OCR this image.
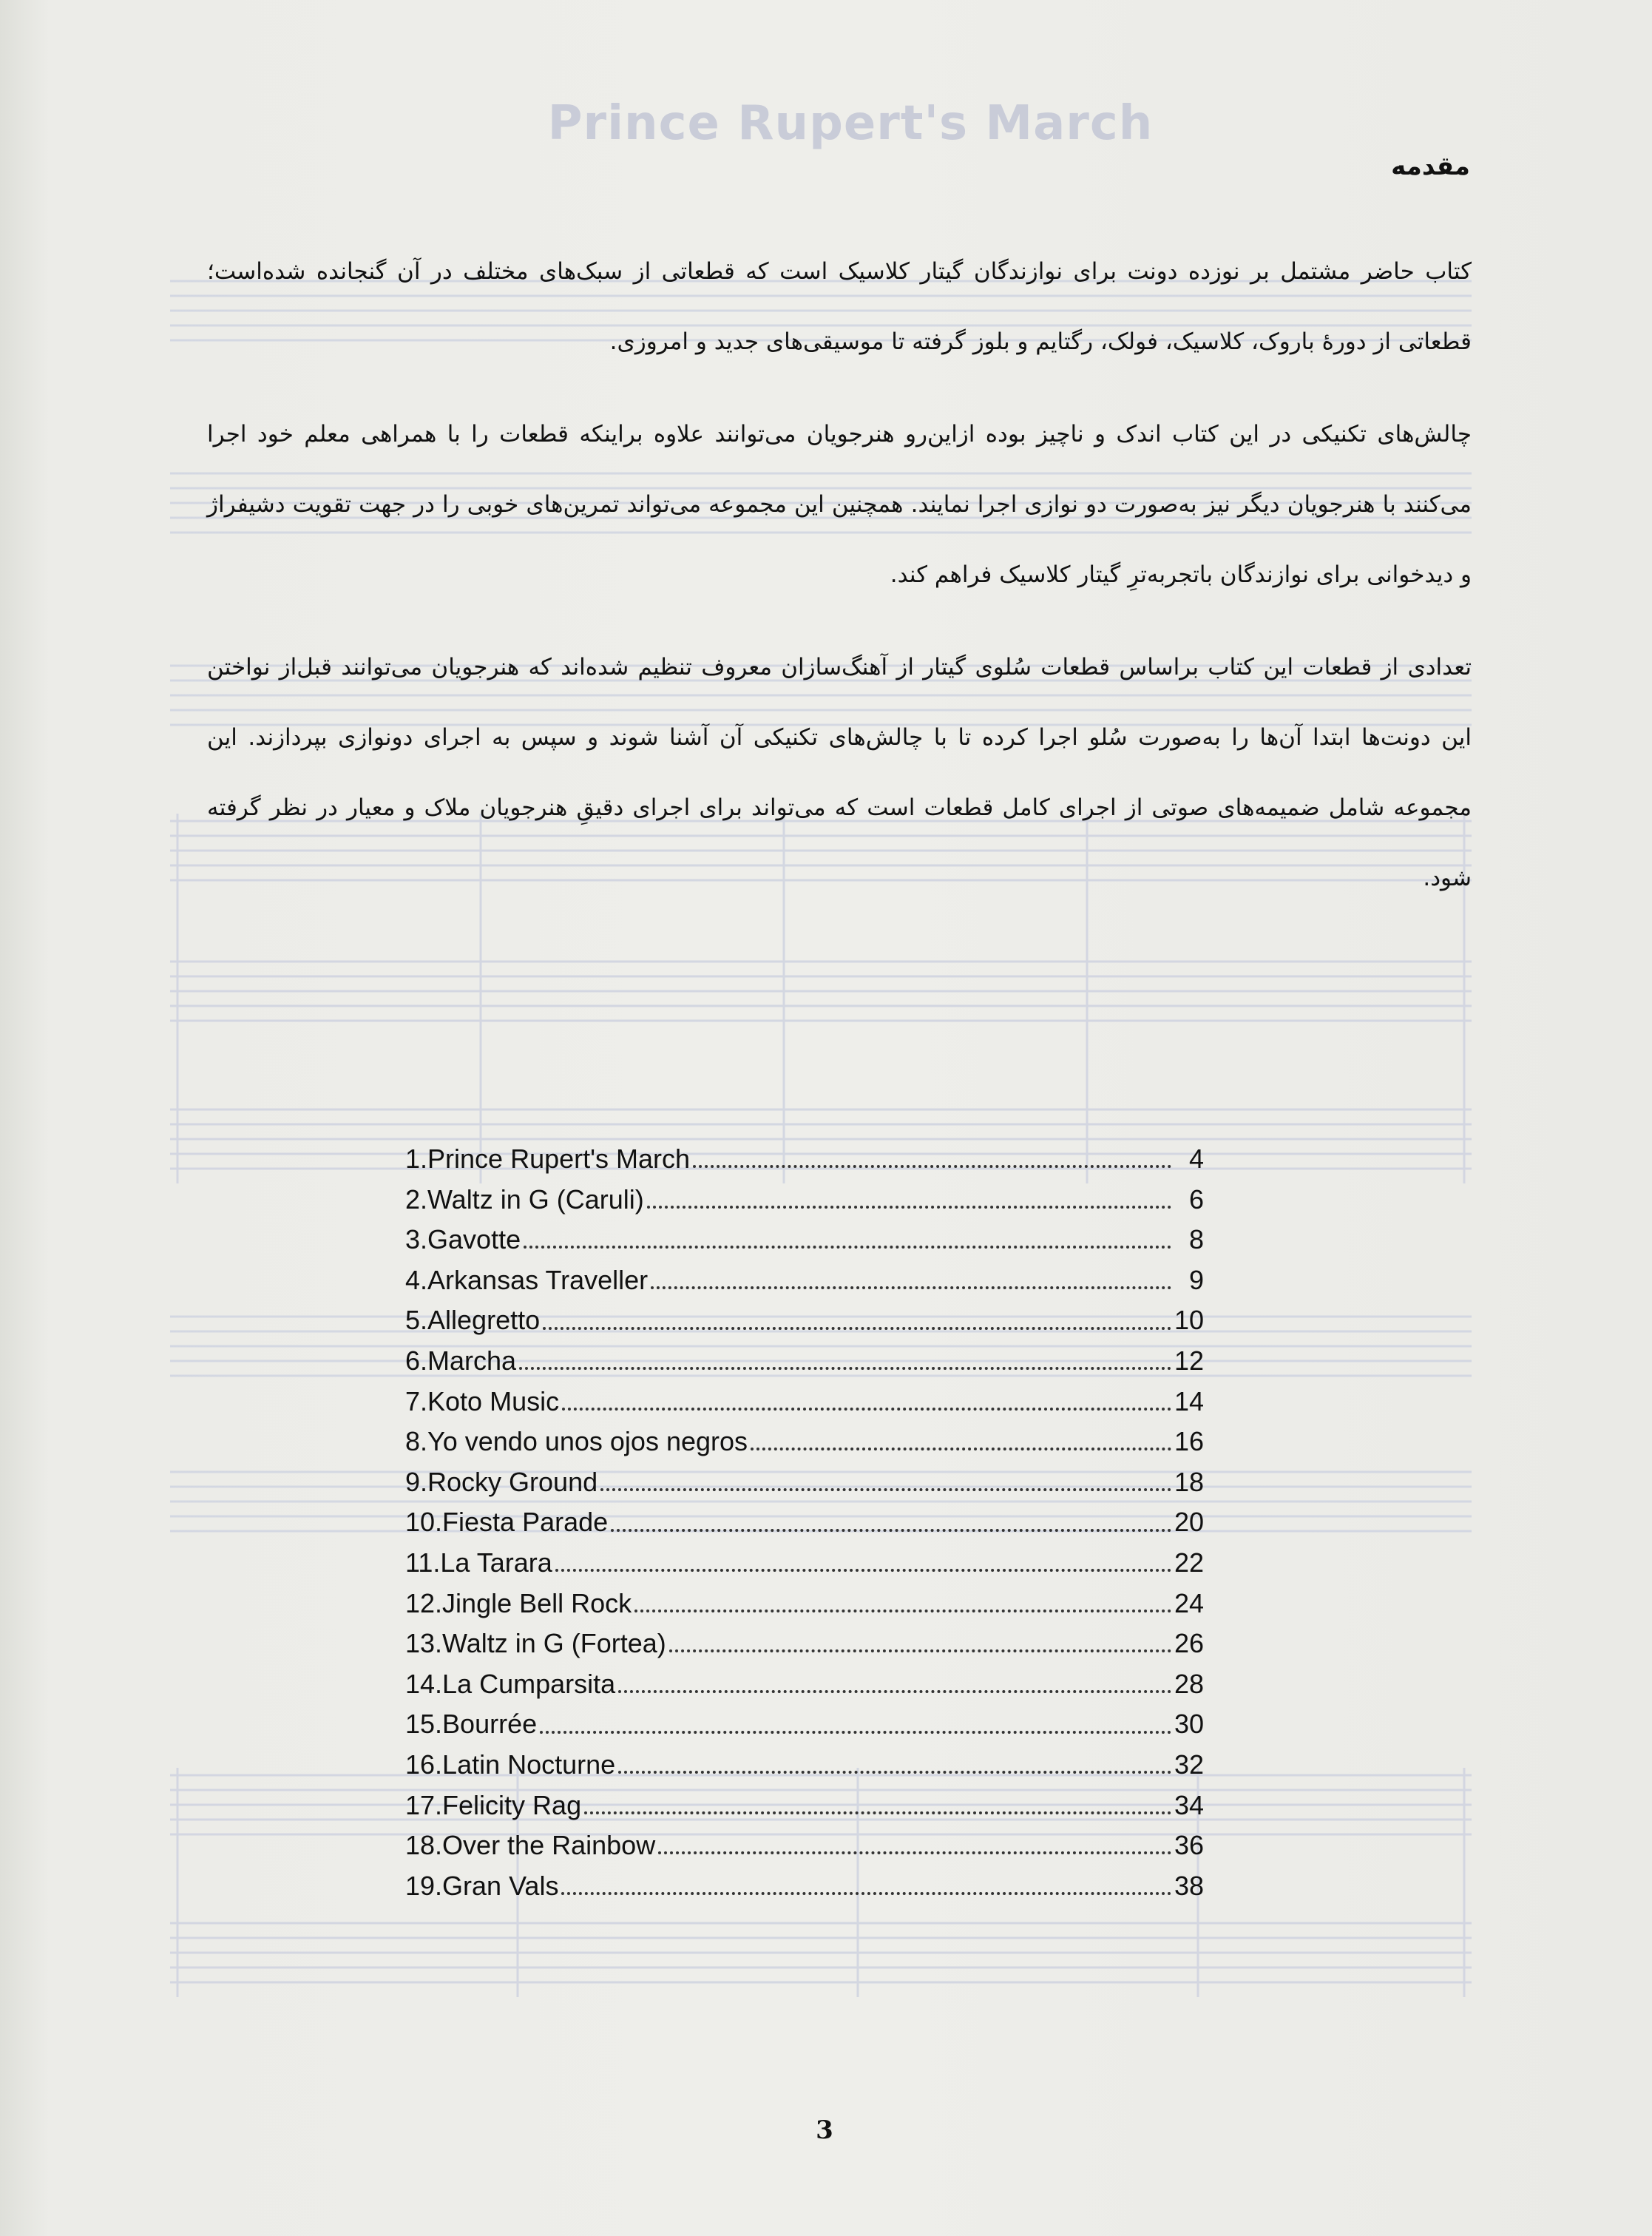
Prince Rupert's March
مقدمه

کتاب حاضر مشتمل بر نوزده دونت برای نوازندگان گیتار کلاسیک است که قطعاتی از سبک‌های مختلف در آن گنجانده شده‌است؛ قطعاتی از دورهٔ باروک، کلاسیک، فولک، رگتایم و بلوز گرفته تا موسیقی‌های جدید و امروزی.

چالش‌های تکنیکی در این کتاب اندک و ناچیز بوده ازاین‌رو هنرجویان می‌توانند علاوه براینکه قطعات را با همراهی معلم خود اجرا می‌کنند با هنرجویان دیگر نیز به‌صورت دو نوازی اجرا نمایند. همچنین این مجموعه می‌تواند تمرین‌های خوبی را در جهت تقویت دشیفراژ و دیدخوانی برای نوازندگان باتجربه‌ترِ گیتار کلاسیک فراهم کند.

تعدادی از قطعات این کتاب براساس قطعات سُلوی گیتار از آهنگ‌سازان معروف تنظیم شده‌اند که هنرجویان می‌توانند قبل‌از نواختن این دونت‌ها ابتدا آن‌ها را به‌صورت سُلو اجرا کرده تا با چالش‌های تکنیکی آن آشنا شوند و سپس به اجرای دونوازی بپردازند. این مجموعه شامل ضمیمه‌های صوتی از اجرای کامل قطعات است که می‌تواند برای اجرای دقیقِ هنرجویان ملاک و معیار در نظر گرفته شود.

1.Prince Rupert's March	4
2.Waltz in G (Caruli)	6
3.Gavotte	8
4.Arkansas Traveller	9
5.Allegretto	10
6.Marcha	12
7.Koto Music	14
8.Yo vendo unos ojos negros	16
9.Rocky Ground	18
10.Fiesta Parade	20
11.La Tarara	22
12.Jingle Bell Rock	24
13.Waltz in G (Fortea)	26
14.La Cumparsita	28
15.Bourrée	30
16.Latin Nocturne	32
17.Felicity Rag	34
18.Over the Rainbow	36
19.Gran Vals	38
3
